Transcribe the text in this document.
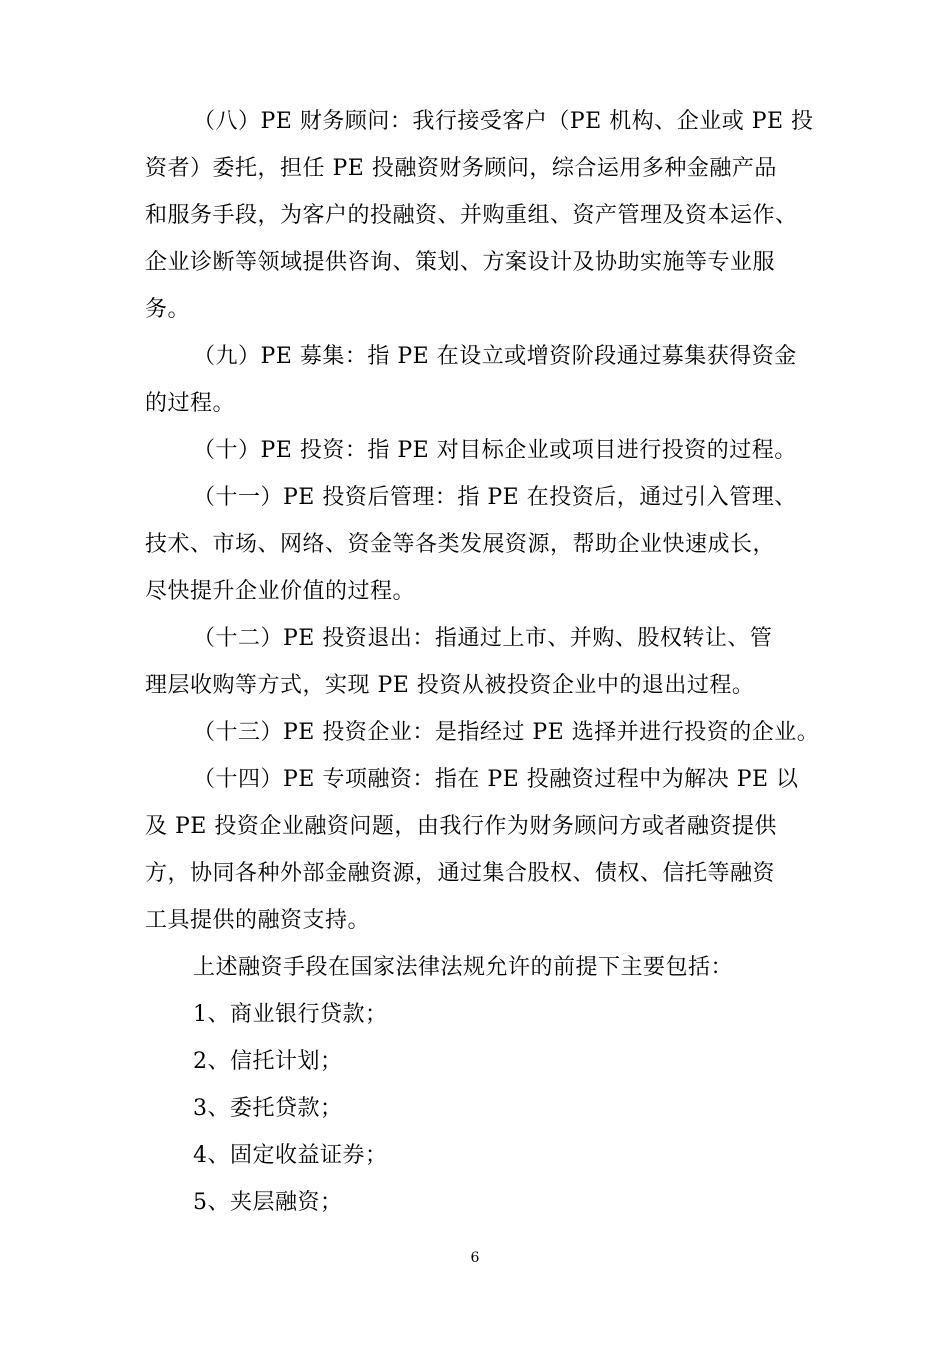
（八）PE 财务顾问：我行接受客户（PE 机构、企业或 PE 投
资者）委托，担任 PE 投融资财务顾问，综合运用多种金融产品
和服务手段，为客户的投融资、并购重组、资产管理及资本运作、
企业诊断等领域提供咨询、策划、方案设计及协助实施等专业服
务。
（九）PE 募集：指 PE 在设立或增资阶段通过募集获得资金
的过程。
（十）PE 投资：指 PE 对目标企业或项目进行投资的过程。
（十一）PE 投资后管理：指 PE 在投资后，通过引入管理、
技术、市场、网络、资金等各类发展资源，帮助企业快速成长，
尽快提升企业价值的过程。
（十二）PE 投资退出：指通过上市、并购、股权转让、管
理层收购等方式，实现 PE 投资从被投资企业中的退出过程。
（十三）PE 投资企业：是指经过 PE 选择并进行投资的企业。
（十四）PE 专项融资：指在 PE 投融资过程中为解决 PE 以
及 PE 投资企业融资问题，由我行作为财务顾问方或者融资提供
方，协同各种外部金融资源，通过集合股权、债权、信托等融资
工具提供的融资支持。
上述融资手段在国家法律法规允许的前提下主要包括：
1、商业银行贷款；
2、信托计划；
3、委托贷款；
4、固定收益证券；
5、夹层融资；
6
